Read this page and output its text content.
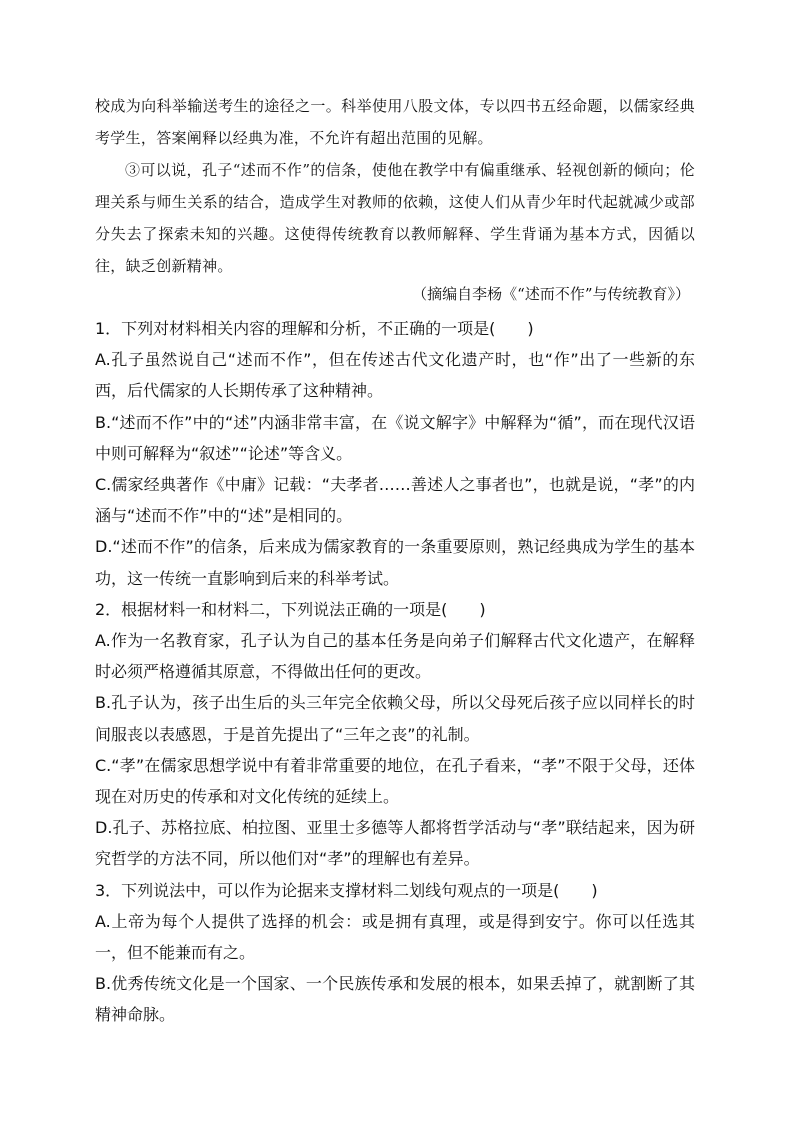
校成为向科举输送考生的途径之一。科举使用八股文体，专以四书五经命题，以儒家经典考学生，答案阐释以经典为准，不允许有超出范围的见解。

③可以说，孔子“述而不作”的信条，使他在教学中有偏重继承、轻视创新的倾向；伦理关系与师生关系的结合，造成学生对教师的依赖，这使人们从青少年时代起就减少或部分失去了探索未知的兴趣。这使得传统教育以教师解释、学生背诵为基本方式，因循以往，缺乏创新精神。

（摘编自李杨《“述而不作”与传统教育》）

1．下列对材料相关内容的理解和分析，不正确的一项是(　　)

A.孔子虽然说自己“述而不作”，但在传述古代文化遗产时，也“作”出了一些新的东西，后代儒家的人长期传承了这种精神。

B.“述而不作”中的“述”内涵非常丰富，在《说文解字》中解释为“循”，而在现代汉语中则可解释为“叙述”“论述”等含义。

C.儒家经典著作《中庸》记载：“夫孝者……善述人之事者也”，也就是说，“孝”的内涵与“述而不作”中的“述”是相同的。

D.“述而不作”的信条，后来成为儒家教育的一条重要原则，熟记经典成为学生的基本功，这一传统一直影响到后来的科举考试。

2．根据材料一和材料二，下列说法正确的一项是(　　)

A.作为一名教育家，孔子认为自己的基本任务是向弟子们解释古代文化遗产，在解释时必须严格遵循其原意，不得做出任何的更改。

B.孔子认为，孩子出生后的头三年完全依赖父母，所以父母死后孩子应以同样长的时间服丧以表感恩，于是首先提出了“三年之丧”的礼制。

C.“孝”在儒家思想学说中有着非常重要的地位，在孔子看来，“孝”不限于父母，还体现在对历史的传承和对文化传统的延续上。

D.孔子、苏格拉底、柏拉图、亚里士多德等人都将哲学活动与“孝”联结起来，因为研究哲学的方法不同，所以他们对“孝”的理解也有差异。

3．下列说法中，可以作为论据来支撑材料二划线句观点的一项是(　　)

A.上帝为每个人提供了选择的机会：或是拥有真理，或是得到安宁。你可以任选其一，但不能兼而有之。

B.优秀传统文化是一个国家、一个民族传承和发展的根本，如果丢掉了，就割断了其精神命脉。
